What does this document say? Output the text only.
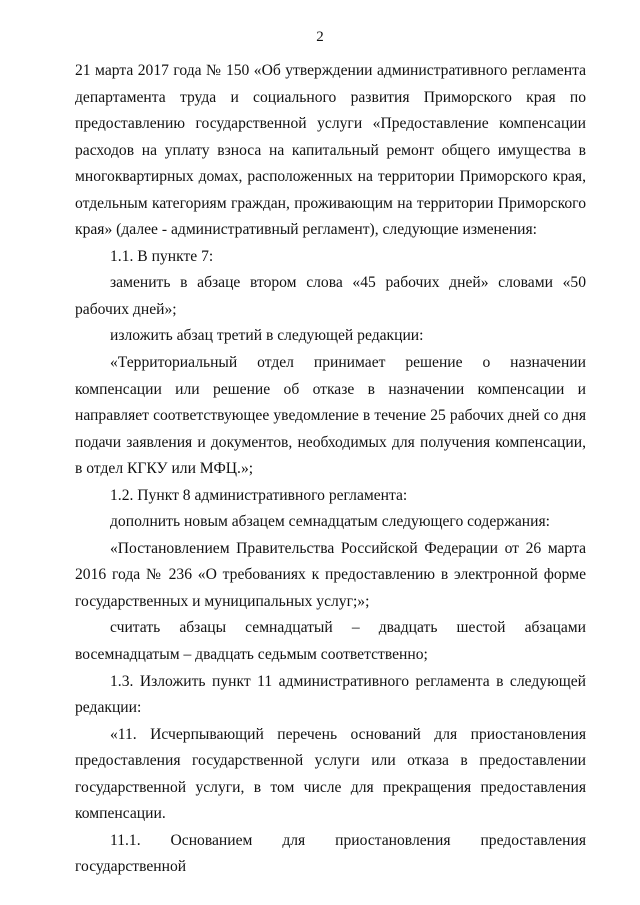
2

21 марта 2017 года № 150 «Об утверждении административного регламента департамента труда и социального развития Приморского края по предоставлению государственной услуги «Предоставление компенсации расходов на уплату взноса на капитальный ремонт общего имущества в многоквартирных домах, расположенных на территории Приморского края, отдельным категориям граждан, проживающим на территории Приморского края» (далее - административный регламент), следующие изменения:

1.1. В пункте 7:

заменить в абзаце втором слова «45 рабочих дней» словами «50 рабочих дней»;

изложить абзац третий в следующей редакции:

«Территориальный отдел принимает решение о назначении компенсации или решение об отказе в назначении компенсации и направляет соответствующее уведомление в течение 25 рабочих дней со дня подачи заявления и документов, необходимых для получения компенсации, в отдел КГКУ или МФЦ.»;

1.2. Пункт 8 административного регламента:

дополнить новым абзацем семнадцатым следующего содержания:

«Постановлением Правительства Российской Федерации от 26 марта 2016 года № 236 «О требованиях к предоставлению в электронной форме государственных и муниципальных услуг;»;

считать абзацы семнадцатый – двадцать шестой абзацами восемнадцатым – двадцать седьмым соответственно;

1.3. Изложить пункт 11 административного регламента в следующей редакции:

«11. Исчерпывающий перечень оснований для приостановления предоставления государственной услуги или отказа в предоставлении государственной услуги, в том числе для прекращения предоставления компенсации.

11.1. Основанием для приостановления предоставления государственной
